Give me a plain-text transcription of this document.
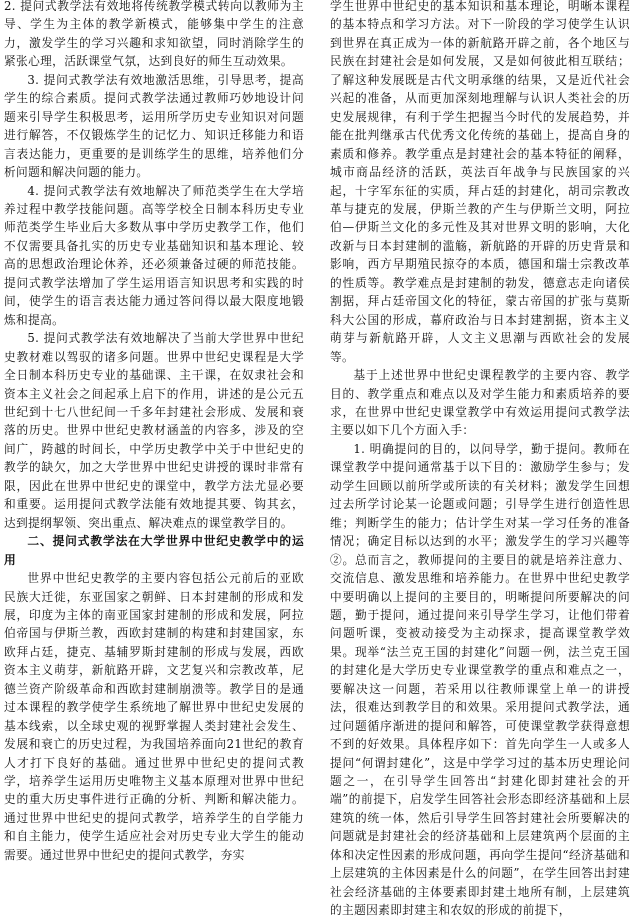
2. 提问式教学法有效地将传统教学模式转向以教师为主导、学生为主体的教学新模式，能够集中学生的注意力，激发学生的学习兴趣和求知欲望，同时消除学生的紧张心理，活跃课堂气氛，达到良好的师生互动效果。

3. 提问式教学法有效地激活思维，引导思考，提高学生的综合素质。提问式教学法通过教师巧妙地设计问题来引导学生积极思考，运用所学历史专业知识对问题进行解答，不仅锻炼学生的记忆力、知识迁移能力和语言表达能力，更重要的是训练学生的思维，培养他们分析问题和解决问题的能力。

4. 提问式教学法有效地解决了师范类学生在大学培养过程中教学技能问题。高等学校全日制本科历史专业师范类学生毕业后大多数从事中学历史教学工作，他们不仅需要具备扎实的历史专业基础知识和基本理论、较高的思想政治理论休养，还必须兼备过硬的师范技能。提问式教学法增加了学生运用语言知识思考和实践的时间，使学生的语言表达能力通过答问得以最大限度地锻炼和提高。

5. 提问式教学法有效地解决了当前大学世界中世纪史教材难以驾驭的诸多问题。世界中世纪史课程是大学全日制本科历史专业的基础课、主干课，在奴隶社会和资本主义社会之间起承上启下的作用，讲述的是公元五世纪到十七八世纪间一千多年封建社会形成、发展和衰落的历史。世界中世纪史教材涵盖的内容多，涉及的空间广，跨越的时间长，中学历史教学中关于中世纪史的教学的缺欠，加之大学世界中世纪史讲授的课时非常有限，因此在世界中世纪史的课堂中，教学方法尤显必要和重要。运用提问式教学法能有效地提其要、钩其玄，达到提纲挈领、突出重点、解决难点的课堂教学目的。

二、提问式教学法在大学世界中世纪史教学中的运用

世界中世纪史教学的主要内容包括公元前后的亚欧民族大迁徙，东亚国家之朝鲜、日本封建制的形成和发展，印度为主体的南亚国家封建制的形成和发展，阿拉伯帝国与伊斯兰教，西欧封建制的构建和封建国家，东欧拜占廷，捷克、基辅罗斯封建制的形成与发展，西欧资本主义萌芽，新航路开辟，文艺复兴和宗教改革，尼德兰资产阶级革命和西欧封建制崩溃等。教学目的是通过本课程的教学使学生系统地了解世界中世纪史发展的基本线索，以全球史观的视野掌握人类封建社会发生、发展和衰亡的历史过程，为我国培养面向21世纪的教育人才打下良好的基础。通过世界中世纪史的提问式教学，培养学生运用历史唯物主义基本原理对世界中世纪史的重大历史事件进行正确的分析、判断和解决能力。通过世界中世纪史的提问式教学，培养学生的自学能力和自主能力，使学生适应社会对历史专业大学生的能动需要。通过世界中世纪史的提问式教学，夯实

学生世界中世纪史的基本知识和基本理论，明晰本课程的基本特点和学习方法。对下一阶段的学习使学生认识到世界在真正成为一体的新航路开辟之前，各个地区与民族在封建社会是如何发展，又是如何彼此相互联结；了解这种发展既是古代文明承继的结果，又是近代社会兴起的准备，从而更加深刻地理解与认识人类社会的历史发展规律，有利于学生把握当今时代的发展趋势，并能在批判继承古代优秀文化传统的基础上，提高自身的素质和修养。教学重点是封建社会的基本特征的阐释，城市商品经济的活跃，英法百年战争与民族国家的兴起，十字军东征的实质，拜占廷的封建化，胡司宗教改革与捷克的发展，伊斯兰教的产生与伊斯兰文明，阿拉伯—伊斯兰文化的多元性及其对世界文明的影响，大化改新与日本封建制的滥觞，新航路的开辟的历史背景和影响，西方早期殖民掠夺的本质，德国和瑞士宗教改革的性质等。教学难点是封建制的勃发，德意志走向诸侯割据，拜占廷帝国文化的特征，蒙古帝国的扩张与莫斯科大公国的形成，幕府政治与日本封建割据，资本主义萌芽与新航路开辟，人文主义思潮与西欧社会的发展等。

基于上述世界中世纪史课程教学的主要内容、教学目的、教学重点和难点以及对学生能力和素质培养的要求，在世界中世纪史课堂教学中有效运用提问式教学法主要以如下几个方面入手：

1. 明确提问的目的，以问导学，勤于提问。教师在课堂教学中提问通常基于以下目的：激励学生参与；发动学生回顾以前所学或所读的有关材料；激发学生回想过去所学讨论某一论题或问题；引导学生进行创造性思维；判断学生的能力；估计学生对某一学习任务的准备情况；确定目标以达到的水平；激发学生的学习兴趣等②。总而言之，教师提问的主要目的就是培养注意力、交流信息、激发思维和培养能力。在世界中世纪史教学中要明确以上提问的主要目的，明晰提问所要解决的问题，勤于提问，通过提问来引导学生学习，让他们带着问题听课，变被动接受为主动探求，提高课堂教学效果。现举“法兰克王国的封建化”问题一例，法兰克王国的封建化是大学历史专业课堂教学的重点和难点之一，要解决这一问题，若采用以往教师课堂上单一的讲授法，很难达到教学目的和效果。采用提问式教学法，通过问题循序渐进的提问和解答，可使课堂教学获得意想不到的好效果。具体程序如下：首先向学生一人或多人提问“何谓封建化”，这是中学学习过的基本历史理论问题之一，在引导学生回答出“封建化即封建社会的开端”的前提下，启发学生回答社会形态即经济基础和上层建筑的统一体，然后引导学生回答封建社会所要解决的问题就是封建社会的经济基础和上层建筑两个层面的主体和决定性因素的形成问题，再向学生提问“经济基础和上层建筑的主体因素是什么的问题”，在学生回答出封建社会经济基础的主体要素即封建土地所有制，上层建筑的主题因素即封建主和农奴的形成的前提下，
